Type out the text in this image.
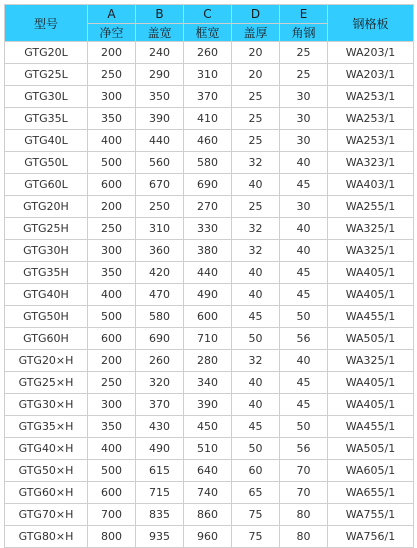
型号	A	B	C	D	E	钢格板
	净空	盖宽	框宽	盖厚	角钢	
GTG20L	200	240	260	20	25	WA203/1
GTG25L	250	290	310	20	25	WA203/1
GTG30L	300	350	370	25	30	WA253/1
GTG35L	350	390	410	25	30	WA253/1
GTG40L	400	440	460	25	30	WA253/1
GTG50L	500	560	580	32	40	WA323/1
GTG60L	600	670	690	40	45	WA403/1
GTG20H	200	250	270	25	30	WA255/1
GTG25H	250	310	330	32	40	WA325/1
GTG30H	300	360	380	32	40	WA325/1
GTG35H	350	420	440	40	45	WA405/1
GTG40H	400	470	490	40	45	WA405/1
GTG50H	500	580	600	45	50	WA455/1
GTG60H	600	690	710	50	56	WA505/1
GTG20×H	200	260	280	32	40	WA325/1
GTG25×H	250	320	340	40	45	WA405/1
GTG30×H	300	370	390	40	45	WA405/1
GTG35×H	350	430	450	45	50	WA455/1
GTG40×H	400	490	510	50	56	WA505/1
GTG50×H	500	615	640	60	70	WA605/1
GTG60×H	600	715	740	65	70	WA655/1
GTG70×H	700	835	860	75	80	WA755/1
GTG80×H	800	935	960	75	80	WA756/1
